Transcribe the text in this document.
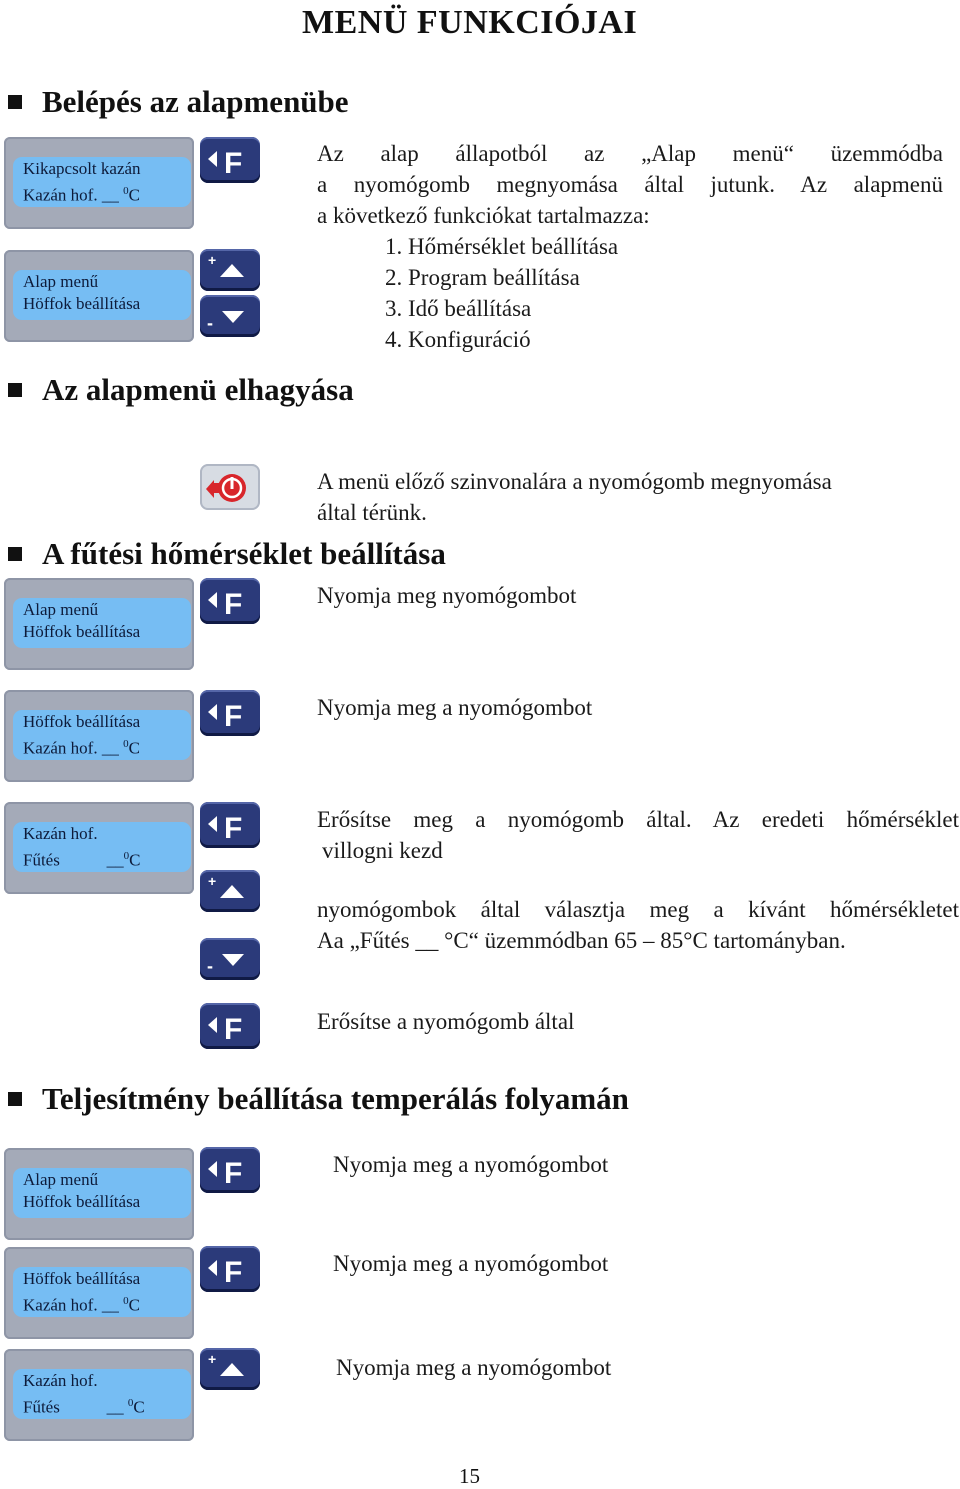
MENÜ FUNKCIÓJAI
Belépés az alapmenübe
Kikapcsolt kazán
Kazán hof. __ $^0$C
F	Az alap állapotból az „Alap menü“ üzemmódba
a nyomógomb megnyomása által jutunk. Az alapmenü
a következő funkciókat tartalmazza:
1. Hőmérséklet beállítása
2. Program beállítása
3. Idő beállítása
4. Konfiguráció
Alap menű
Höffok beállítása
+
-
Az alapmenü elhagyása
A menü előző szinvonalára a nyomógomb megnyomása
által térünk.
A fűtési hőmérséklet beállítása
Alap menű
Höffok beállítása
F	Nyomja meg nyomógombot
Höffok beállítása
Kazán hof. __ $^0$C
F	Nyomja meg a nyomógombot
Kazán hof.
Fűtés           __$^0$C
F	Erősítse meg a nyomógomb által. Az eredeti hőmérséklet
villogni kezd
+
-
nyomógombok által választja meg a kívánt hőmérsékletet
Aa „Fűtés __ °C“ üzemmódban 65 – 85°C tartományban.
F	Erősítse a nyomógomb által
Teljesítmény beállítása temperálás folyamán
Alap menű
Höffok beállítása
F	Nyomja meg a nyomógombot
Höffok beállítása
Kazán hof. __ $^0$C
F	Nyomja meg a nyomógombot
Kazán hof.
Fűtés           __ $^0$C
+	Nyomja meg a nyomógombot
15
